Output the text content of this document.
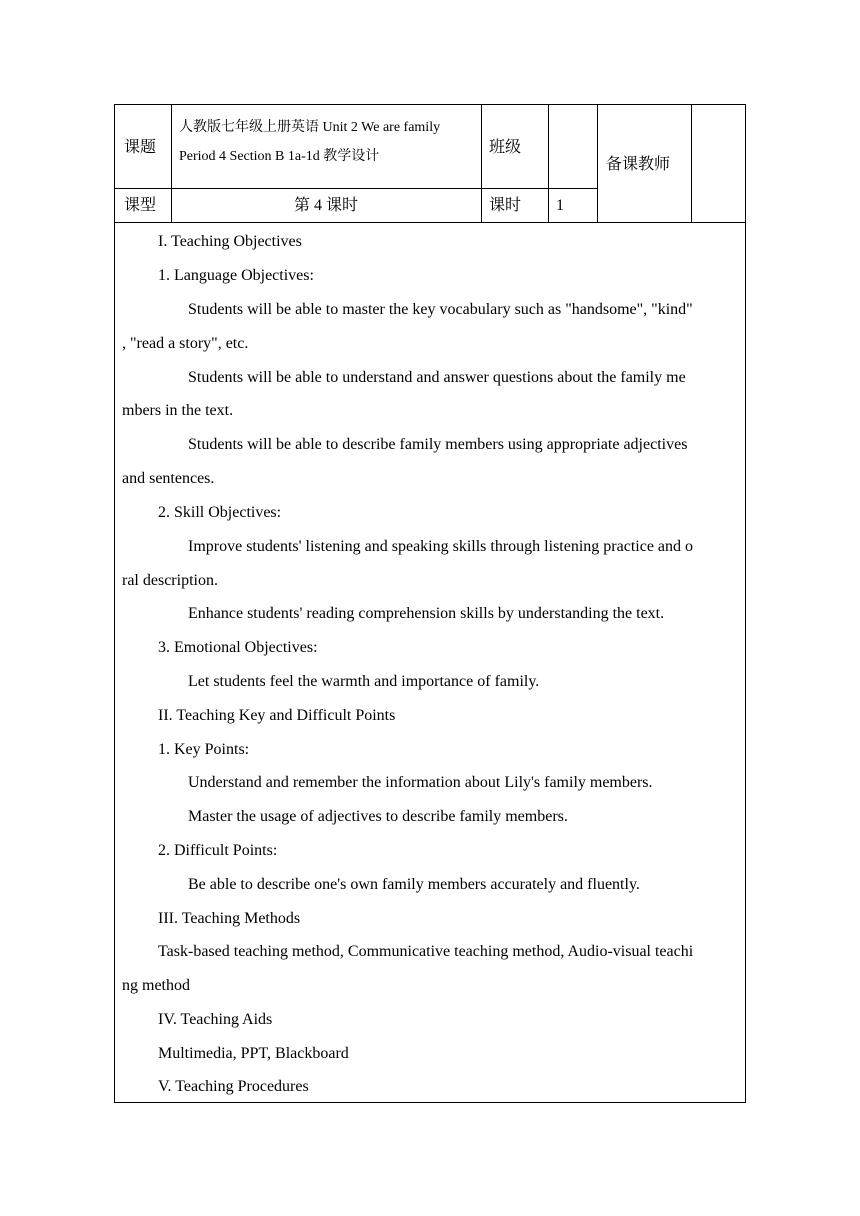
课题
人教版七年级上册英语 Unit 2 We are family
Period 4 Section B 1a-1d 教学设计
班级
备课教师
课型	第 4 课时	课时 1
I. Teaching Objectives
1. Language Objectives:
Students will be able to master the key vocabulary such as "handsome", "kind"
, "read a story", etc.
Students will be able to understand and answer questions about the family me
mbers in the text.
Students will be able to describe family members using appropriate adjectives
and sentences.
2. Skill Objectives:
Improve students' listening and speaking skills through listening practice and o
ral description.
Enhance students' reading comprehension skills by understanding the text.
3. Emotional Objectives:
Let students feel the warmth and importance of family.
II. Teaching Key and Difficult Points
1. Key Points:
Understand and remember the information about Lily's family members.
Master the usage of adjectives to describe family members.
2. Difficult Points:
Be able to describe one's own family members accurately and fluently.
III. Teaching Methods
Task-based teaching method, Communicative teaching method, Audio-visual teachi
ng method
IV. Teaching Aids
Multimedia, PPT, Blackboard
V. Teaching Procedures
